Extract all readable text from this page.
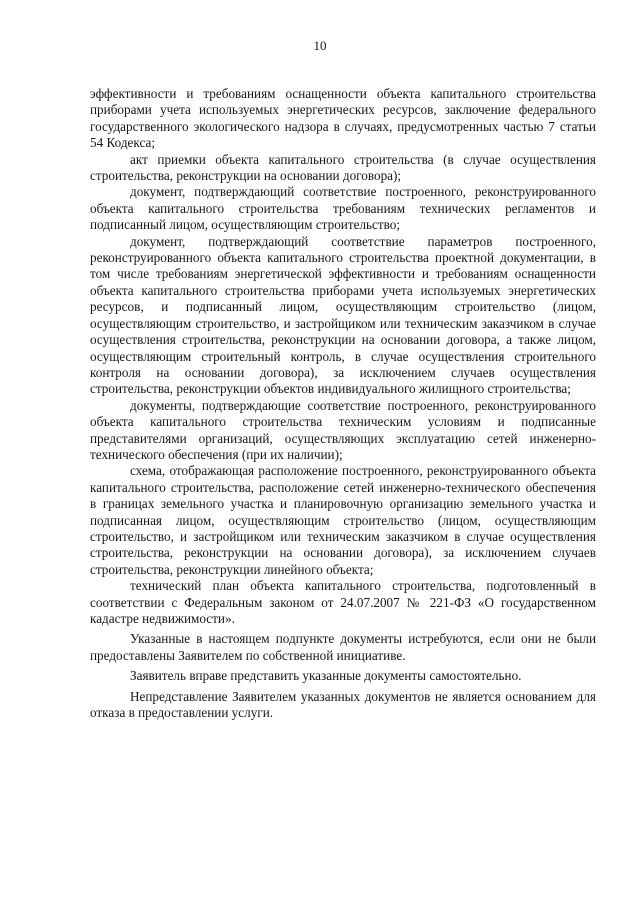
10

эффективности и требованиям оснащенности объекта капитального строительства приборами учета используемых энергетических ресурсов, заключение федерального государственного экологического надзора в случаях, предусмотренных частью 7 статьи 54 Кодекса;

акт приемки объекта капитального строительства (в случае осуществления строительства, реконструкции на основании договора);

документ, подтверждающий соответствие построенного, реконструированного объекта капитального строительства требованиям технических регламентов и подписанный лицом, осуществляющим строительство;

документ, подтверждающий соответствие параметров построенного, реконструированного объекта капитального строительства проектной документации, в том числе требованиям энергетической эффективности и требованиям оснащенности объекта капитального строительства приборами учета используемых энергетических ресурсов, и подписанный лицом, осуществляющим строительство (лицом, осуществляющим строительство, и застройщиком или техническим заказчиком в случае осуществления строительства, реконструкции на основании договора, а также лицом, осуществляющим строительный контроль, в случае осуществления строительного контроля на основании договора), за исключением случаев осуществления строительства, реконструкции объектов индивидуального жилищного строительства;

документы, подтверждающие соответствие построенного, реконструированного объекта капитального строительства техническим условиям и подписанные представителями организаций, осуществляющих эксплуатацию сетей инженерно-технического обеспечения (при их наличии);

схема, отображающая расположение построенного, реконструированного объекта капитального строительства, расположение сетей инженерно-технического обеспечения в границах земельного участка и планировочную организацию земельного участка и подписанная лицом, осуществляющим строительство (лицом, осуществляющим строительство, и застройщиком или техническим заказчиком в случае осуществления строительства, реконструкции на основании договора), за исключением случаев строительства, реконструкции линейного объекта;

технический план объекта капитального строительства, подготовленный в соответствии с Федеральным законом от 24.07.2007 № 221-ФЗ «О государственном кадастре недвижимости».

Указанные в настоящем подпункте документы истребуются, если они не были предоставлены Заявителем по собственной инициативе.

Заявитель вправе представить указанные документы самостоятельно.

Непредставление Заявителем указанных документов не является основанием для отказа в предоставлении услуги.
